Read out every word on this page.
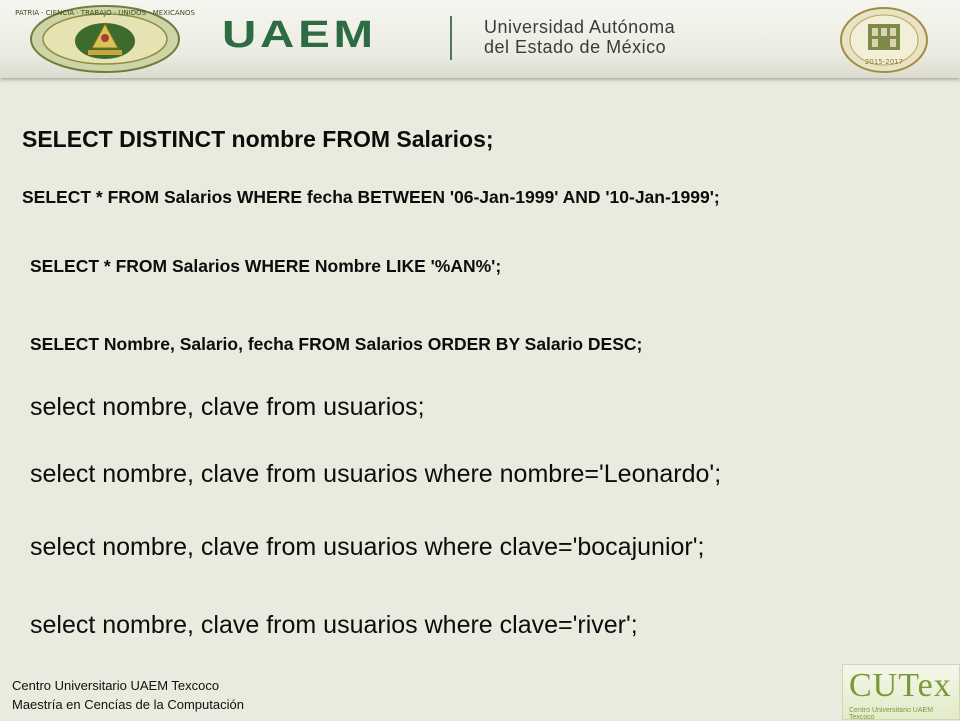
PATRIA · CIENCIA · TRABAJO · UNIDOS · MEXICANOS
UAEM	Universidad Autónoma
del Estado de México
2015-2017
SELECT DISTINCT nombre FROM Salarios;
SELECT * FROM Salarios WHERE fecha BETWEEN '06-Jan-1999' AND '10-Jan-1999';
SELECT * FROM Salarios WHERE Nombre LIKE '%AN%';
SELECT Nombre, Salario, fecha FROM Salarios ORDER BY Salario DESC;
select nombre, clave from usuarios;
select nombre, clave from usuarios where nombre='Leonardo';
select nombre, clave from usuarios where clave='bocajunior';
select nombre, clave from usuarios where clave='river';
Centro Universitario UAEM Texcoco
Maestría en Cencías de la Computación
CUTex
Centro Universitario UAEM Texcoco
